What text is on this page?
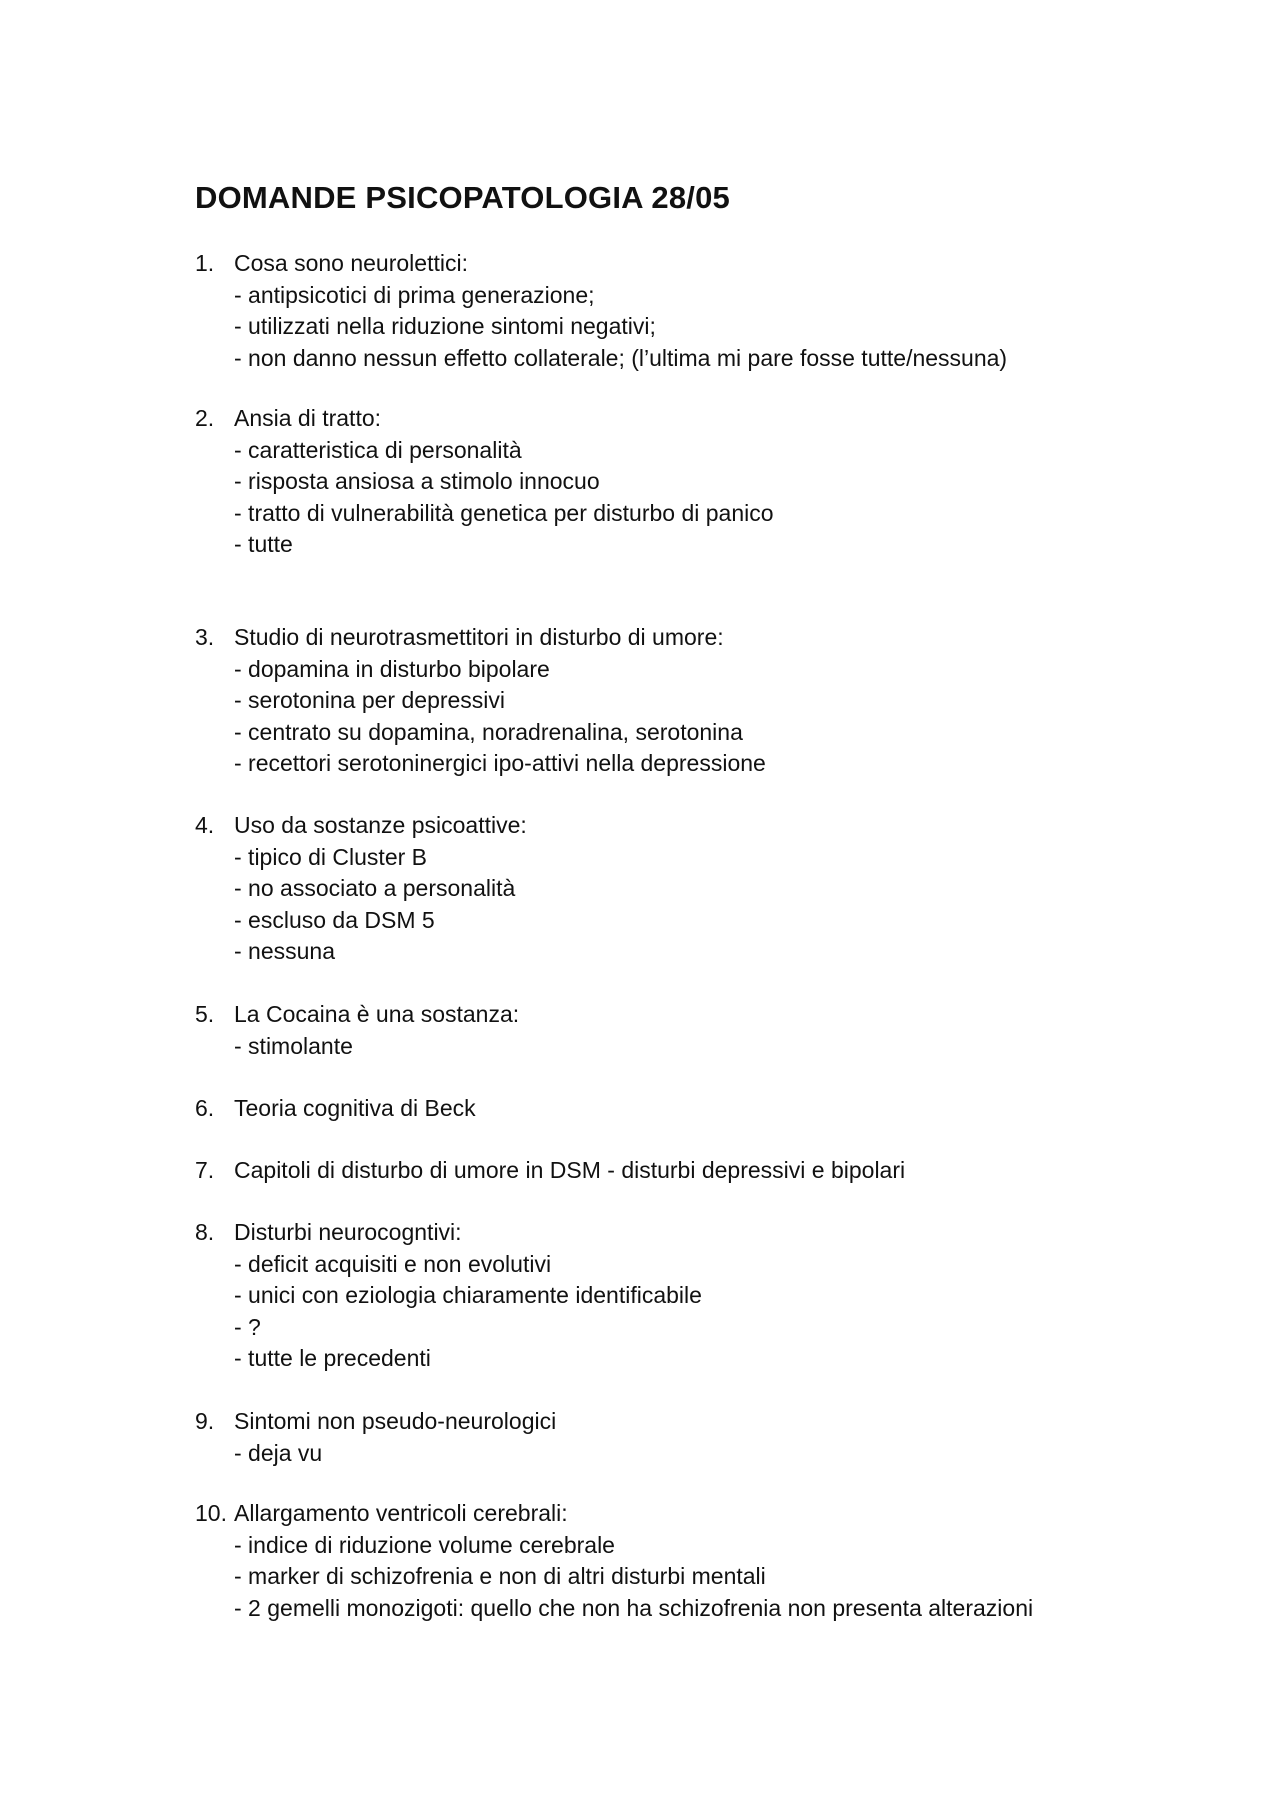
DOMANDE PSICOPATOLOGIA 28/05
1. Cosa sono neurolettici:
- antipsicotici di prima generazione;
- utilizzati nella riduzione sintomi negativi;
- non danno nessun effetto collaterale; (l’ultima mi pare fosse tutte/nessuna)
2. Ansia di tratto:
- caratteristica di personalità
- risposta ansiosa a stimolo innocuo
- tratto di vulnerabilità genetica per disturbo di panico
- tutte
3. Studio di neurotrasmettitori in disturbo di umore:
- dopamina in disturbo bipolare
- serotonina per depressivi
- centrato su dopamina, noradrenalina, serotonina
- recettori serotoninergici ipo-attivi nella depressione
4. Uso da sostanze psicoattive:
- tipico di Cluster B
- no associato a personalità
- escluso da DSM 5
- nessuna
5. La Cocaina è una sostanza:
- stimolante
6. Teoria cognitiva di Beck
7. Capitoli di disturbo di umore in DSM - disturbi depressivi e bipolari
8. Disturbi neurocogntivi:
- deficit acquisiti e non evolutivi
- unici con eziologia chiaramente identificabile
- ?
- tutte le precedenti
9. Sintomi non pseudo-neurologici
- deja vu
10. Allargamento ventricoli cerebrali:
- indice di riduzione volume cerebrale
- marker di schizofrenia e non di altri disturbi mentali
- 2 gemelli monozigoti: quello che non ha schizofrenia non presenta alterazioni
